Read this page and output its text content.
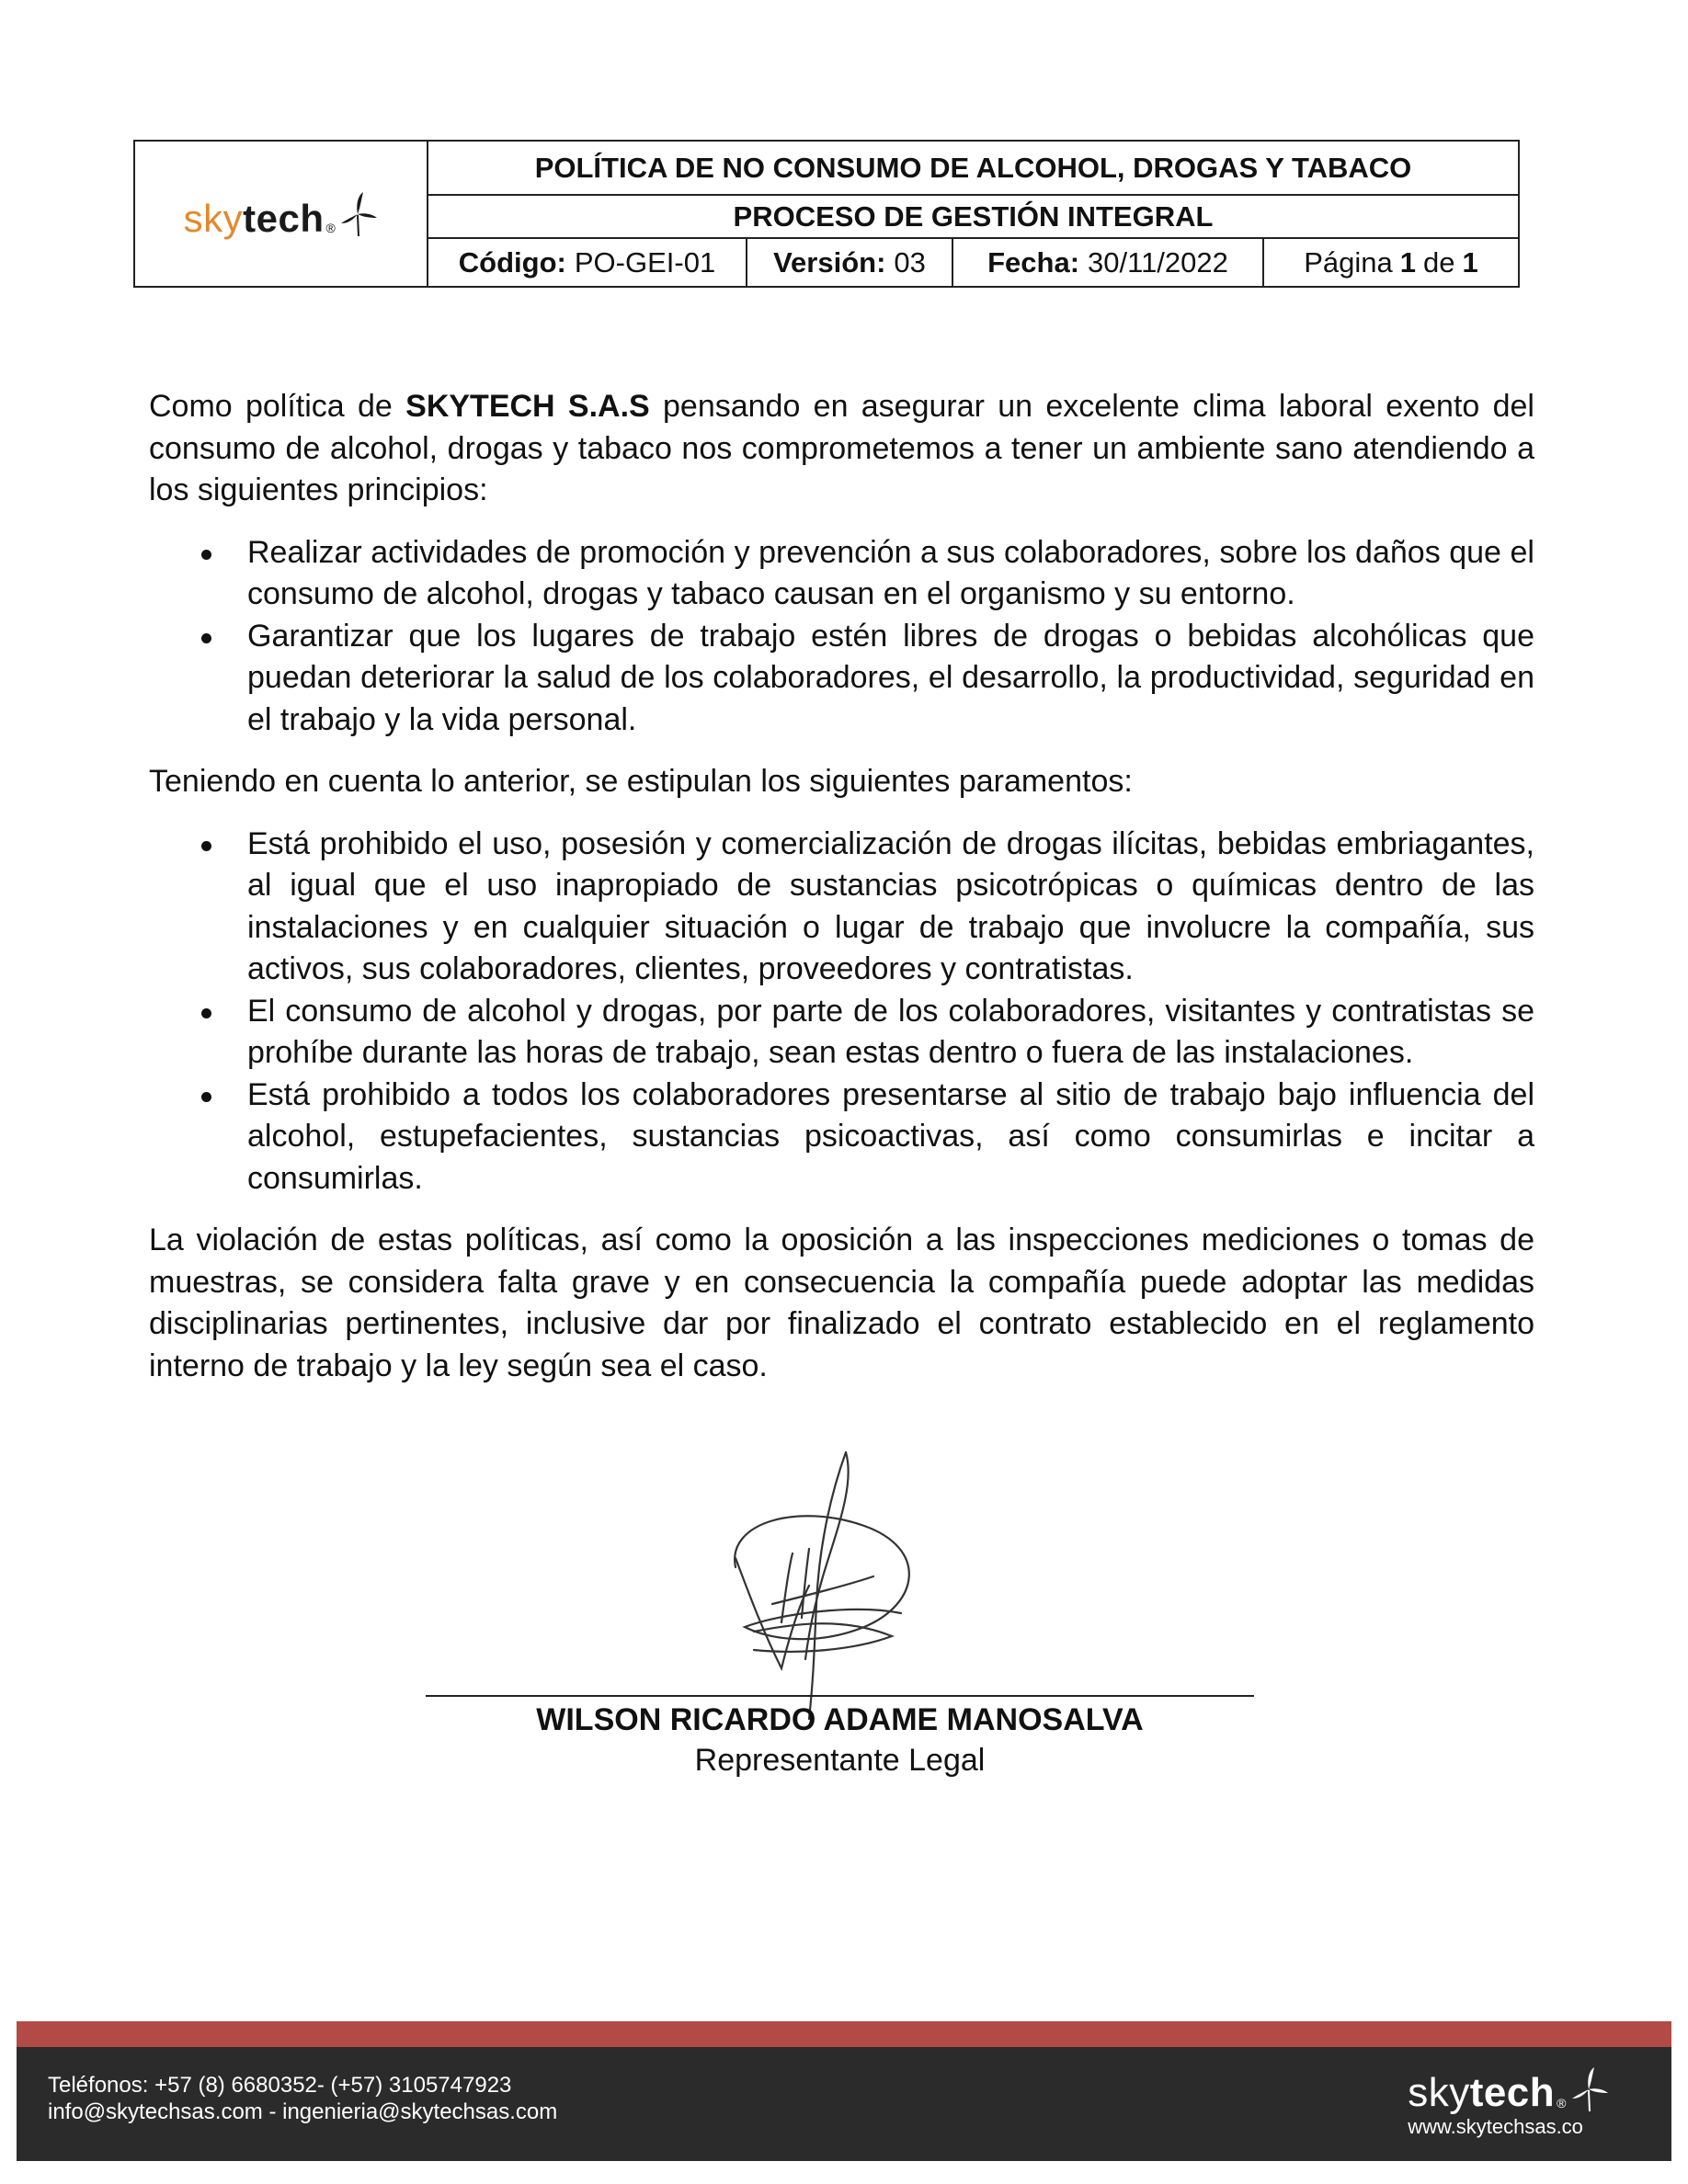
sky tech ®
POLÍTICA DE NO CONSUMO DE ALCOHOL, DROGAS Y TABACO
PROCESO DE GESTIÓN INTEGRAL
Código: PO-GEI-01 Versión: 03 Fecha: 30/11/2022	Página 1 de 1

Como política de SKYTECH S.A.S pensando en asegurar un excelente clima laboral exento del consumo de alcohol, drogas y tabaco nos comprometemos a tener un ambiente sano atendiendo a los siguientes principios:

Realizar actividades de promoción y prevención a sus colaboradores, sobre los daños que el consumo de alcohol, drogas y tabaco causan en el organismo y su entorno.
Garantizar que los lugares de trabajo estén libres de drogas o bebidas alcohólicas que puedan deteriorar la salud de los colaboradores, el desarrollo, la productividad, seguridad en el trabajo y la vida personal.

Teniendo en cuenta lo anterior, se estipulan los siguientes paramentos:

Está prohibido el uso, posesión y comercialización de drogas ilícitas, bebidas embriagantes, al igual que el uso inapropiado de sustancias psicotrópicas o químicas dentro de las instalaciones y en cualquier situación o lugar de trabajo que involucre la compañía, sus activos, sus colaboradores, clientes, proveedores y contratistas.
El consumo de alcohol y drogas, por parte de los colaboradores, visitantes y contratistas se prohíbe durante las horas de trabajo, sean estas dentro o fuera de las instalaciones.
Está prohibido a todos los colaboradores presentarse al sitio de trabajo bajo influencia del alcohol, estupefacientes, sustancias psicoactivas, así como consumirlas e incitar a consumirlas.

La violación de estas políticas, así como la oposición a las inspecciones mediciones o tomas de muestras, se considera falta grave y en consecuencia la compañía puede adoptar las medidas disciplinarias pertinentes, inclusive dar por finalizado el contrato establecido en el reglamento interno de trabajo y la ley según sea el caso.

WILSON RICARDO ADAME MANOSALVA
Representante Legal
Teléfonos: +57 (8) 6680352- (+57) 3105747923
info@skytechsas.com - ingenieria@skytechsas.com	sky tech ®
www.skytechsas.co
